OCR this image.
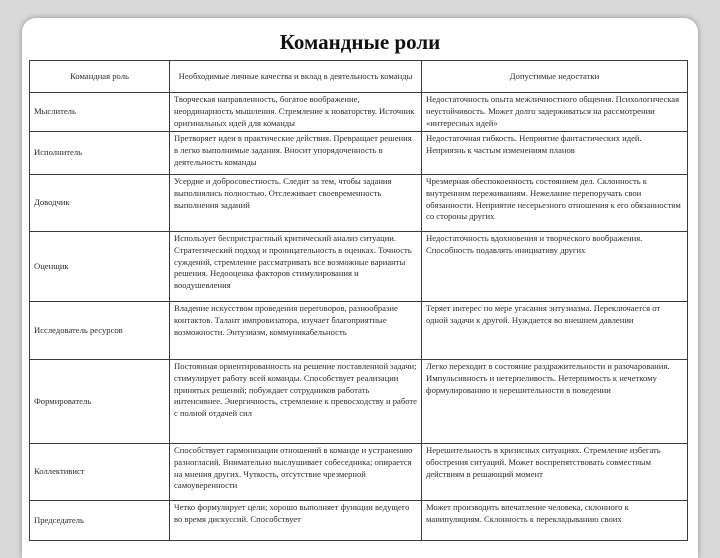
Командные роли
Командная роль	Необходимые личные качества и вклад в деятельность команды	Допустимые недостатки
Мыслитель	Творческая направленность, богатое воображение, неординарность мышления. Стремление к новаторству. Источник оригинальных идей для команды	Недостаточность опыта межличностного общения. Психологическая неустойчивость. Может долго задерживаться на рассмотрении «интересных идей»
Исполнитель	Претворяет идеи в практические действия. Превращает решения в легко выполнимые задания. Вносит упорядоченность в деятельность команды	Недостаточная гибкость. Неприятие фантастических идей. Неприязнь к частым изменениям планов
Доводчик	Усердие и добросовестность. Следит за тем, чтобы задания выполнялись полностью. Отслеживает своевременность выполнения заданий	Чрезмерная обеспокоенность состоянием дел. Склонность к внутренним переживаниям. Нежелание перепоручать свои обязанности. Неприятие несерьезного отношения к его обязанностям со стороны других
Оценщик	Использует беспристрастный критический анализ ситуации. Стратегический подход и проницательность в оценках. Точность суждений, стремление рассматривать все возможные варианты решения. Недооценка факторов стимулирования и воодушевления	Недостаточность вдохновения и творческого воображения. Способность подавлять инициативу других
Исследователь ресурсов	Владение искусством проведения переговоров, разнообразие контактов. Талант импровизатора, изучает благоприятные возможности. Энтузиазм, коммуникабельность	Теряет интерес по мере угасания энтузиазма. Переключается от одной задачи к другой. Нуждается во внешнем давлении
Формирователь	Постоянная ориентированность на решение поставленной задачи; стимулирует работу всей команды. Способствует реализации принятых решений; побуждает сотрудников работать интенсивнее. Энергичность, стремление к превосходству и работе с полной отдачей сил	Легко переходит в состояние раздражительности и разочарования. Импульсивность и нетерпеливость. Нетерпимость к нечеткому формулированию и нерешительности в поведении
Коллективист	Способствует гармонизации отношений в команде и устранению разногласий. Внимательно выслушивает собеседника; опирается на мнения других. Чуткость, отсутствие чрезмерной самоуверенности	Нерешительность в кризисных ситуациях. Стремление избегать обострения ситуаций. Может воспрепятствовать совместным действиям в решающий момент
Председатель	Четко формулирует цели; хорошо выполняет функции ведущего во время дискуссий. Способствует	Может производить впечатление человека, склонного к манипуляциям. Склонность к перекладыванию своих
